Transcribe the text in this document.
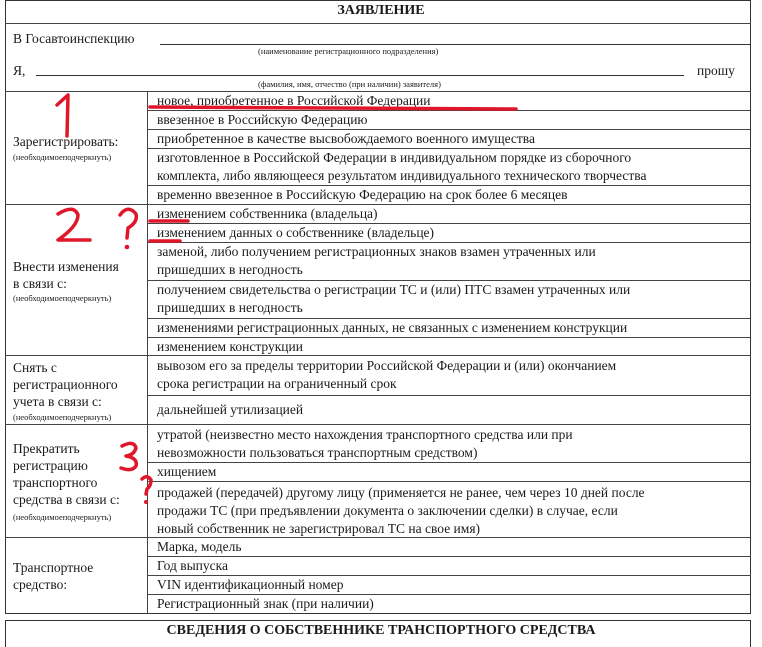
ЗАЯВЛЕНИЕ
В Госавтоинспекцию
(наименование регистрационного подразделения)
Я,	прошу
(фамилия, имя, отчество (при наличии) заявителя)
Зарегистрировать:
(необходимоеподчеркнуть)
новое, приобретенное в Российской Федерации
ввезенное в Российскую Федерацию
приобретенное в качестве высвобождаемого военного имущества
изготовленное в Российской Федерации в индивидуальном порядке из сборочного
комплекта, либо являющееся результатом индивидуального технического творчества
временно ввезенное в Российскую Федерацию на срок более 6 месяцев
Внести изменения
в связи с:
(необходимоеподчеркнуть)
изменением собственника (владельца)
изменением данных о собственнике (владельце)
заменой, либо получением регистрационных знаков взамен утраченных или
пришедших в негодность
получением свидетельства о регистрации ТС и (или) ПТС взамен утраченных или
пришедших в негодность
изменениями регистрационных данных, не связанных с изменением конструкции
изменением конструкции
Снять с
регистрационного
учета в связи с:
(необходимоеподчеркнуть)
вывозом его за пределы территории Российской Федерации и (или) окончанием
срока регистрации на ограниченный срок
дальнейшей утилизацией
Прекратить
регистрацию
транспортного
средства в связи с:
(необходимоеподчеркнуть)
утратой (неизвестно место нахождения транспортного средства или при
невозможности пользоваться транспортным средством)
хищением
продажей (передачей) другому лицу (применяется не ранее, чем через 10 дней после
продажи ТС (при предъявлении документа о заключении сделки) в случае, если
новый собственник не зарегистрировал ТС на свое имя)
Транспортное
средство:
Марка, модель
Год выпуска
VIN идентификационный номер
Регистрационный знак (при наличии)
СВЕДЕНИЯ О СОБСТВЕННИКЕ ТРАНСПОРТНОГО СРЕДСТВА
